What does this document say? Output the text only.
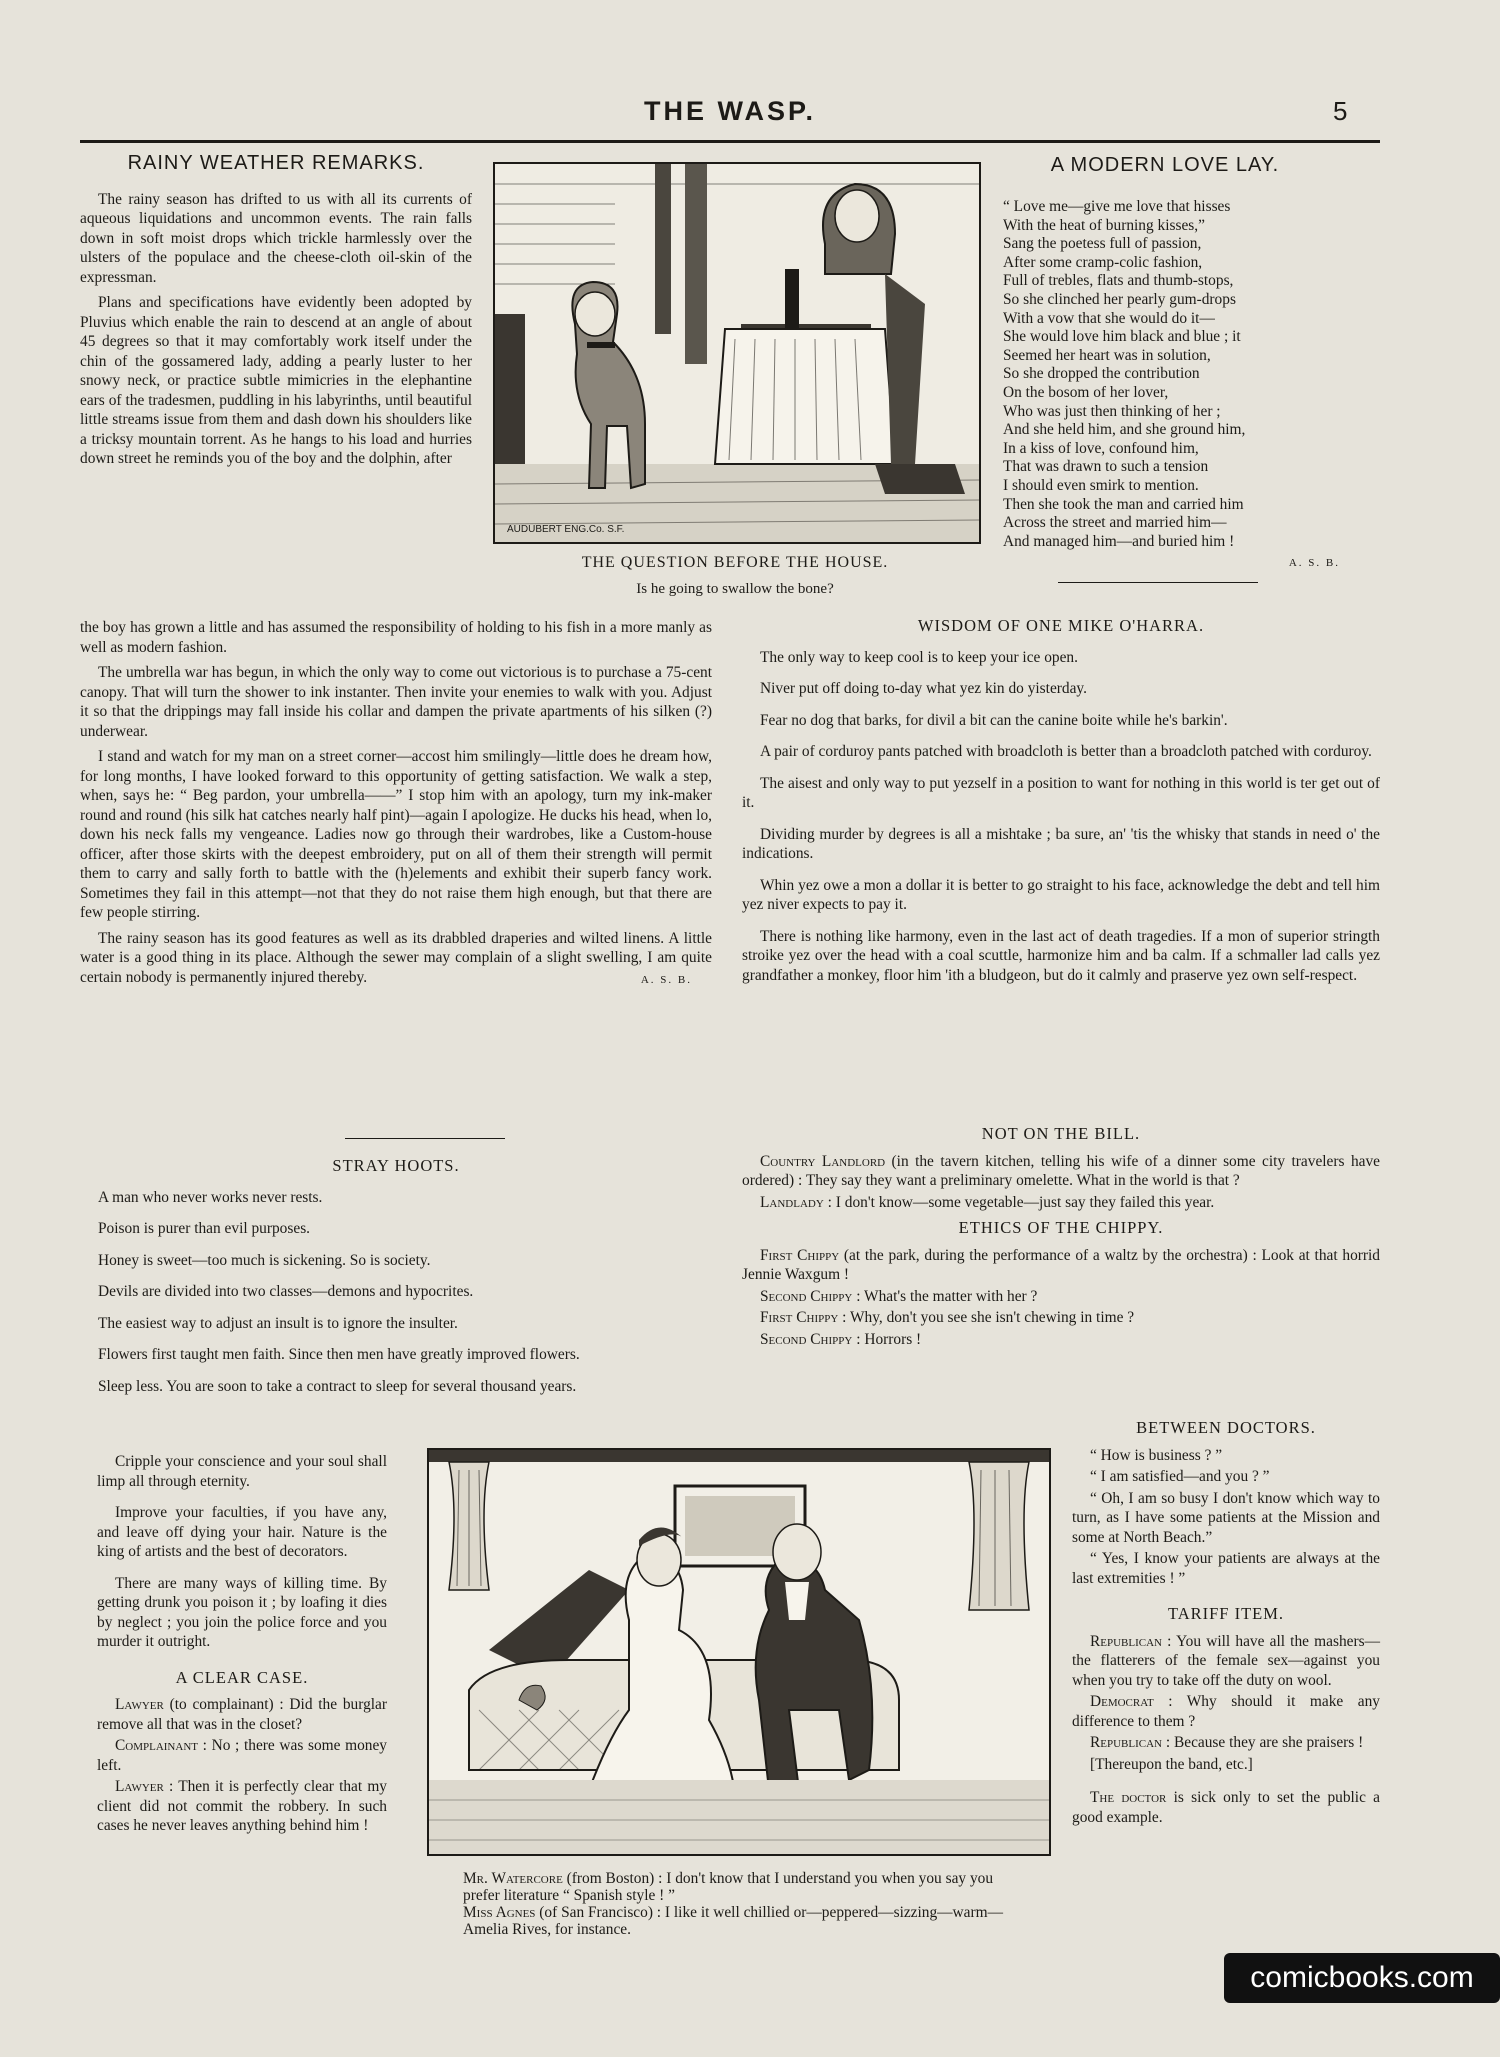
THE WASP.	5
RAINY WEATHER REMARKS.

The rainy season has drifted to us with all its currents of aqueous liquidations and uncommon events. The rain falls down in soft moist drops which trickle harmlessly over the ulsters of the populace and the cheese-cloth oil-skin of the expressman.

Plans and specifications have evidently been adopted by Pluvius which enable the rain to descend at an angle of about 45 degrees so that it may comfortably work itself under the chin of the gossamered lady, adding a pearly luster to her snowy neck, or practice subtle mimicries in the elephantine ears of the tradesmen, puddling in his labyrinths, until beautiful little streams issue from them and dash down his shoulders like a tricksy mountain torrent. As he hangs to his load and hurries down street he reminds you of the boy and the dolphin, after

the boy has grown a little and has assumed the responsibility of holding to his fish in a more manly as well as modern fashion.

The umbrella war has begun, in which the only way to come out victorious is to purchase a 75-cent canopy. That will turn the shower to ink instanter. Then invite your enemies to walk with you. Adjust it so that the drippings may fall inside his collar and dampen the private apartments of his silken (?) underwear.

I stand and watch for my man on a street corner—accost him smilingly—little does he dream how, for long months, I have looked forward to this opportunity of getting satisfaction. We walk a step, when, says he: “ Beg pardon, your umbrella——” I stop him with an apology, turn my ink-maker round and round (his silk hat catches nearly half pint)—again I apologize. He ducks his head, when lo, down his neck falls my vengeance. Ladies now go through their wardrobes, like a Custom-house officer, after those skirts with the deepest embroidery, put on all of them their strength will permit them to carry and sally forth to battle with the (h)elements and exhibit their superb fancy work. Sometimes they fail in this attempt—not that they do not raise them high enough, but that there are few people stirring.

The rainy season has its good features as well as its drabbled draperies and wilted linens. A little water is a good thing in its place. Although the sewer may complain of a slight swelling, I am quite certain nobody is permanently injured thereby.	A. S. B.
AUDUBERT ENG.Co. S.F.
THE QUESTION BEFORE THE HOUSE.
Is he going to swallow the bone?
A MODERN LOVE LAY.
“ Love me—give me love that hisses
With the heat of burning kisses,”
Sang the poetess full of passion,
After some cramp-colic fashion,
Full of trebles, flats and thumb-stops,
So she clinched her pearly gum-drops
With a vow that she would do it—
She would love him black and blue ; it
Seemed her heart was in solution,
So she dropped the contribution
On the bosom of her lover,
Who was just then thinking of her ;
And she held him, and she ground him,
In a kiss of love, confound him,
That was drawn to such a tension
I should even smirk to mention.
Then she took the man and carried him
Across the street and married him—
And managed him—and buried him !
A. S. B.
WISDOM OF ONE MIKE O'HARRA.

The only way to keep cool is to keep your ice open.

Niver put off doing to-day what yez kin do yisterday.

Fear no dog that barks, for divil a bit can the canine boite while he's barkin'.

A pair of corduroy pants patched with broadcloth is better than a broadcloth patched with corduroy.

The aisest and only way to put yezself in a position to want for nothing in this world is ter get out of it.

Dividing murder by degrees is all a mishtake ; ba sure, an' 'tis the whisky that stands in need o' the indications.

Whin yez owe a mon a dollar it is better to go straight to his face, acknowledge the debt and tell him yez niver expects to pay it.

There is nothing like harmony, even in the last act of death tragedies. If a mon of superior stringth stroike yez over the head with a coal scuttle, harmonize him and ba calm. If a schmaller lad calls yez grandfather a monkey, floor him 'ith a bludgeon, but do it calmly and praserve yez own self-respect.

NOT ON THE BILL.

Country Landlord (in the tavern kitchen, telling his wife of a dinner some city travelers have ordered) : They say they want a preliminary omelette. What in the world is that ?

Landlady : I don't know—some vegetable—just say they failed this year.

ETHICS OF THE CHIPPY.

First Chippy (at the park, during the performance of a waltz by the orchestra) : Look at that horrid Jennie Waxgum !

Second Chippy : What's the matter with her ?

First Chippy : Why, don't you see she isn't chewing in time ?

Second Chippy : Horrors !

STRAY HOOTS.

A man who never works never rests.

Poison is purer than evil purposes.

Honey is sweet—too much is sickening. So is society.

Devils are divided into two classes—demons and hypocrites.

The easiest way to adjust an insult is to ignore the insulter.

Flowers first taught men faith. Since then men have greatly improved flowers.

Sleep less. You are soon to take a contract to sleep for several thousand years.

Cripple your conscience and your soul shall limp all through eternity.

Improve your faculties, if you have any, and leave off dying your hair. Nature is the king of artists and the best of decorators.

There are many ways of killing time. By getting drunk you poison it ; by loafing it dies by neglect ; you join the police force and you murder it outright.

A CLEAR CASE.

Lawyer (to complainant) : Did the burglar remove all that was in the closet?

Complainant : No ; there was some money left.

Lawyer : Then it is perfectly clear that my client did not commit the robbery. In such cases he never leaves anything behind him !

Mr. Watercore (from Boston) : I don't know that I understand you when you say you prefer literature “ Spanish style ! ”
Miss Agnes (of San Francisco) : I like it well chillied or—peppered—sizzing—warm—Amelia Rives, for instance.
BETWEEN DOCTORS.

“ How is business ? ”

“ I am satisfied—and you ? ”

“ Oh, I am so busy I don't know which way to turn, as I have some patients at the Mission and some at North Beach.”

“ Yes, I know your patients are always at the last extremities ! ”

TARIFF ITEM.

Republican : You will have all the mashers—the flatterers of the female sex—against you when you try to take off the duty on wool.

Democrat : Why should it make any difference to them ?

Republican : Because they are she praisers !

[Thereupon the band, etc.]

The doctor is sick only to set the public a good example.

comicbooks.com
